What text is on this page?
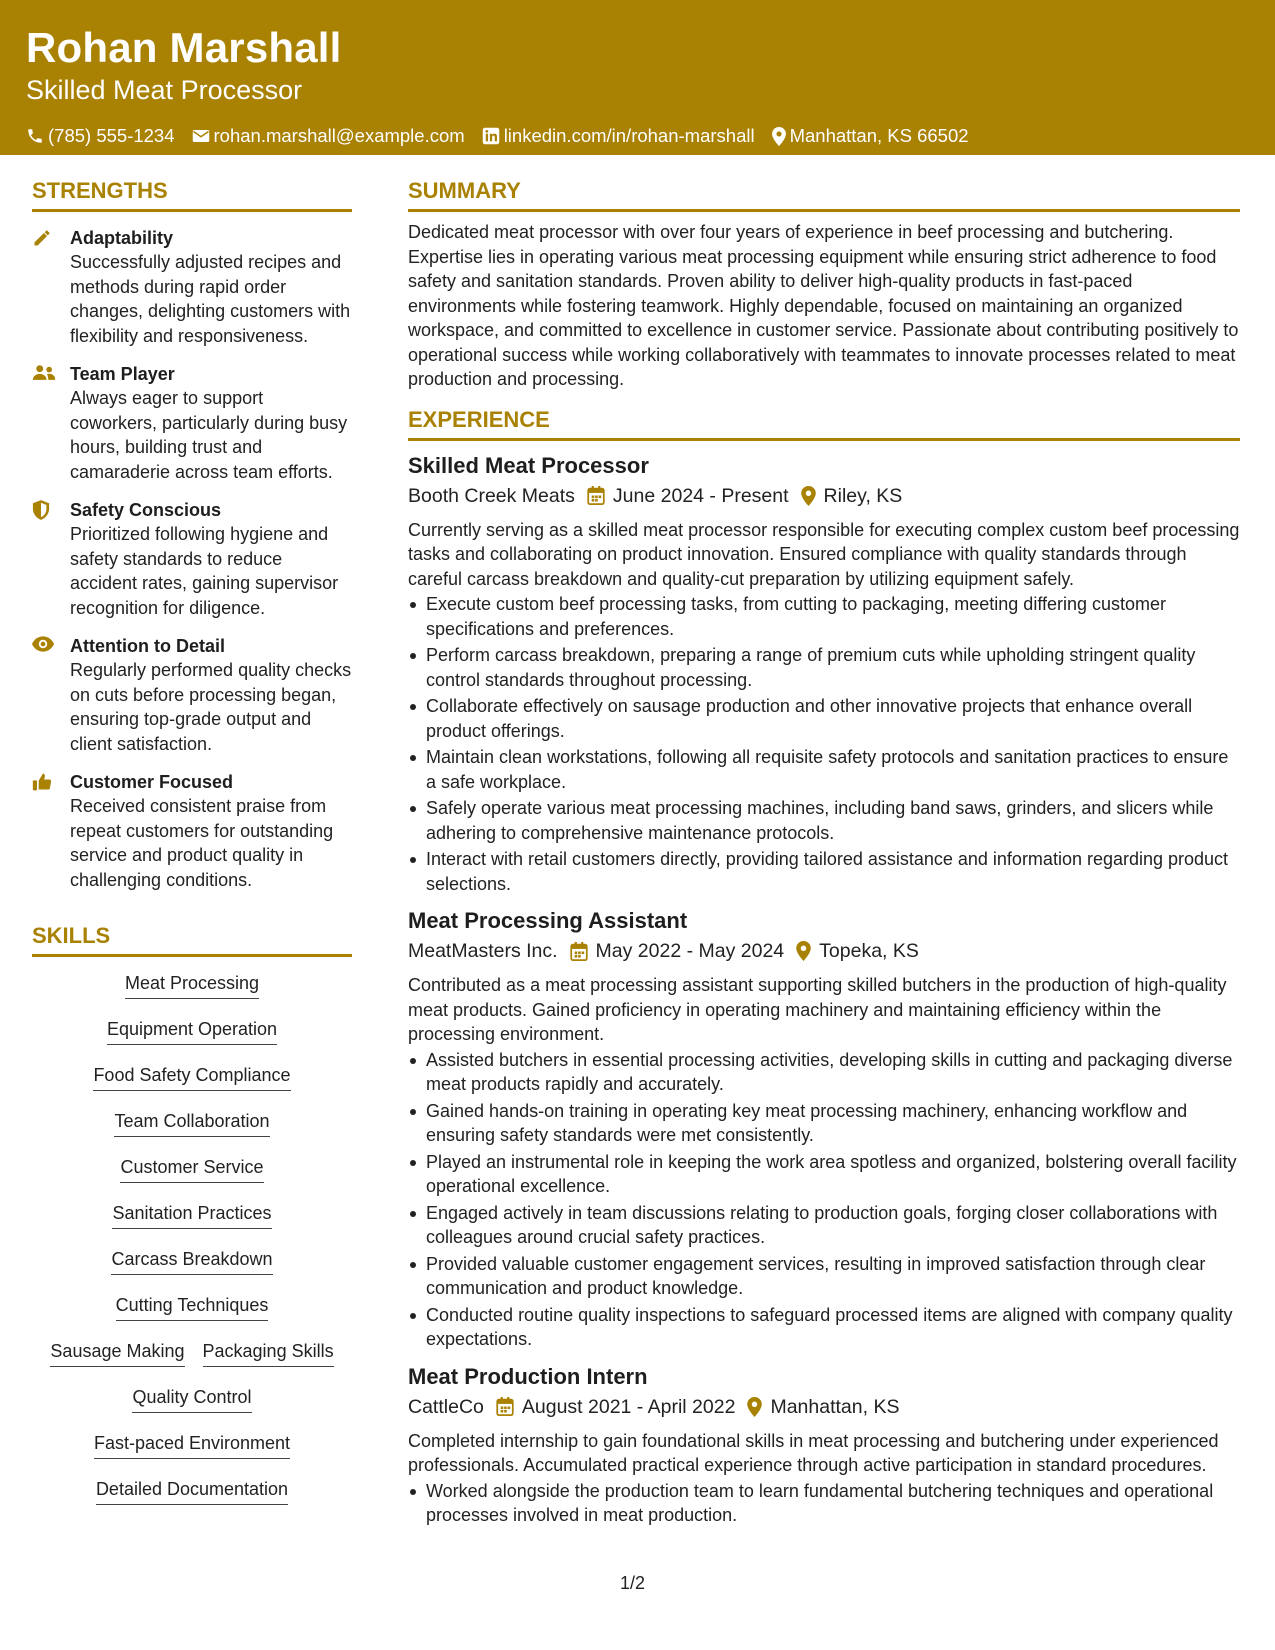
Rohan Marshall
Skilled Meat Processor
(785) 555-1234 rohan.marshall@example.com linkedin.com/in/rohan-marshall Manhattan, KS 66502
STRENGTHS
Adaptability
Successfully adjusted recipes and methods during rapid order changes, delighting customers with flexibility and responsiveness.
Team Player
Always eager to support coworkers, particularly during busy hours, building trust and camaraderie across team efforts.
Safety Conscious
Prioritized following hygiene and safety standards to reduce accident rates, gaining supervisor recognition for diligence.
Attention to Detail
Regularly performed quality checks on cuts before processing began, ensuring top-grade output and client satisfaction.
Customer Focused
Received consistent praise from repeat customers for outstanding service and product quality in challenging conditions.
SKILLS
Meat Processing
Equipment Operation
Food Safety Compliance
Team Collaboration
Customer Service
Sanitation Practices
Carcass Breakdown
Cutting Techniques
Sausage Making Packaging Skills
Quality Control
Fast-paced Environment
Detailed Documentation
SUMMARY
Dedicated meat processor with over four years of experience in beef processing and butchering. Expertise lies in operating various meat processing equipment while ensuring strict adherence to food safety and sanitation standards. Proven ability to deliver high-quality products in fast-paced environments while fostering teamwork. Highly dependable, focused on maintaining an organized workspace, and committed to excellence in customer service. Passionate about contributing positively to operational success while working collaboratively with teammates to innovate processes related to meat production and processing.
EXPERIENCE
Skilled Meat Processor
Booth Creek Meats June 2024 - Present Riley, KS
Currently serving as a skilled meat processor responsible for executing complex custom beef processing tasks and collaborating on product innovation. Ensured compliance with quality standards through careful carcass breakdown and quality-cut preparation by utilizing equipment safely.
Execute custom beef processing tasks, from cutting to packaging, meeting differing customer specifications and preferences.
Perform carcass breakdown, preparing a range of premium cuts while upholding stringent quality control standards throughout processing.
Collaborate effectively on sausage production and other innovative projects that enhance overall product offerings.
Maintain clean workstations, following all requisite safety protocols and sanitation practices to ensure a safe workplace.
Safely operate various meat processing machines, including band saws, grinders, and slicers while adhering to comprehensive maintenance protocols.
Interact with retail customers directly, providing tailored assistance and information regarding product selections.
Meat Processing Assistant
MeatMasters Inc. May 2022 - May 2024 Topeka, KS
Contributed as a meat processing assistant supporting skilled butchers in the production of high-quality meat products. Gained proficiency in operating machinery and maintaining efficiency within the processing environment.
Assisted butchers in essential processing activities, developing skills in cutting and packaging diverse meat products rapidly and accurately.
Gained hands-on training in operating key meat processing machinery, enhancing workflow and ensuring safety standards were met consistently.
Played an instrumental role in keeping the work area spotless and organized, bolstering overall facility operational excellence.
Engaged actively in team discussions relating to production goals, forging closer collaborations with colleagues around crucial safety practices.
Provided valuable customer engagement services, resulting in improved satisfaction through clear communication and product knowledge.
Conducted routine quality inspections to safeguard processed items are aligned with company quality expectations.
Meat Production Intern
CattleCo August 2021 - April 2022 Manhattan, KS
Completed internship to gain foundational skills in meat processing and butchering under experienced professionals. Accumulated practical experience through active participation in standard procedures.
Worked alongside the production team to learn fundamental butchering techniques and operational processes involved in meat production.
1/2
